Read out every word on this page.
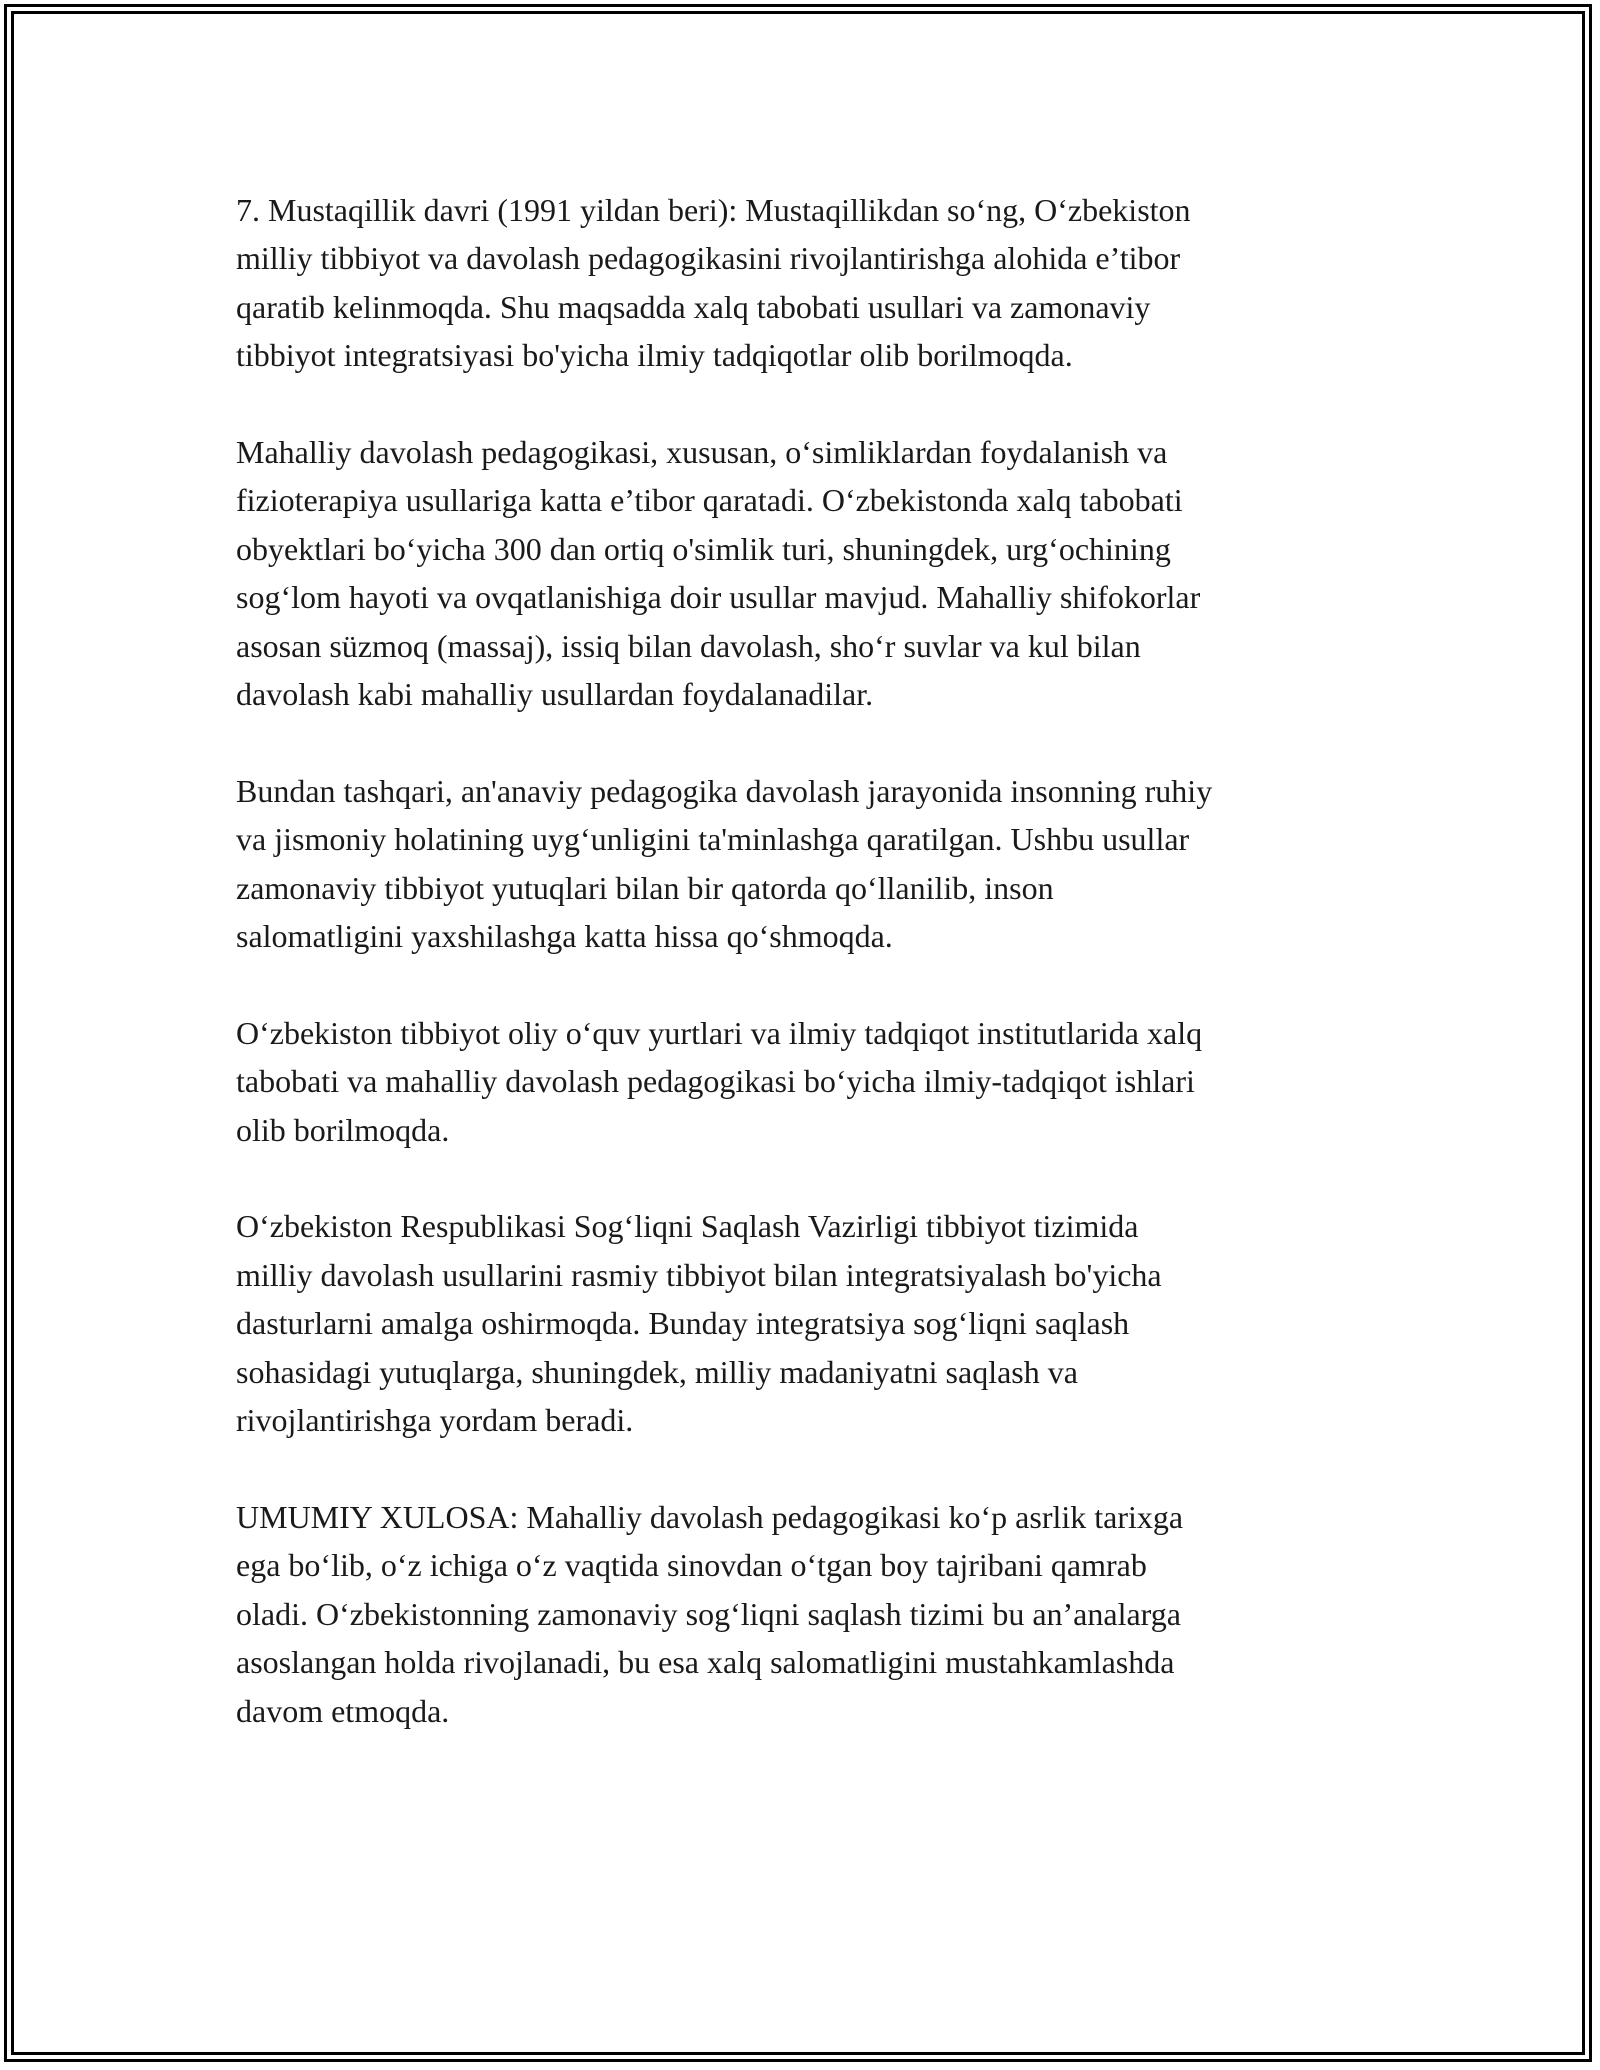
7. Mustaqillik davri (1991 yildan beri): Mustaqillikdan so‘ng, O‘zbekiston
milliy tibbiyot va davolash pedagogikasini rivojlantirishga alohida e’tibor
qaratib kelinmoqda. Shu maqsadda xalq tabobati usullari va zamonaviy
tibbiyot integratsiyasi bo'yicha ilmiy tadqiqotlar olib borilmoqda.

Mahalliy davolash pedagogikasi, xususan, o‘simliklardan foydalanish va
fizioterapiya usullariga katta e’tibor qaratadi. O‘zbekistonda xalq tabobati
obyektlari bo‘yicha 300 dan ortiq o'simlik turi, shuningdek, urg‘ochining
sog‘lom hayoti va ovqatlanishiga doir usullar mavjud. Mahalliy shifokorlar
asosan süzmoq (massaj), issiq bilan davolash, sho‘r suvlar va kul bilan
davolash kabi mahalliy usullardan foydalanadilar.

Bundan tashqari, an'anaviy pedagogika davolash jarayonida insonning ruhiy
va jismoniy holatining uyg‘unligini ta'minlashga qaratilgan. Ushbu usullar
zamonaviy tibbiyot yutuqlari bilan bir qatorda qo‘llanilib, inson
salomatligini yaxshilashga katta hissa qo‘shmoqda.

O‘zbekiston tibbiyot oliy o‘quv yurtlari va ilmiy tadqiqot institutlarida xalq
tabobati va mahalliy davolash pedagogikasi bo‘yicha ilmiy-tadqiqot ishlari
olib borilmoqda.

O‘zbekiston Respublikasi Sog‘liqni Saqlash Vazirligi tibbiyot tizimida
milliy davolash usullarini rasmiy tibbiyot bilan integratsiyalash bo'yicha
dasturlarni amalga oshirmoqda. Bunday integratsiya sog‘liqni saqlash
sohasidagi yutuqlarga, shuningdek, milliy madaniyatni saqlash va
rivojlantirishga yordam beradi.

UMUMIY XULOSA: Mahalliy davolash pedagogikasi ko‘p asrlik tarixga
ega bo‘lib, o‘z ichiga o‘z vaqtida sinovdan o‘tgan boy tajribani qamrab
oladi. O‘zbekistonning zamonaviy sog‘liqni saqlash tizimi bu an’analarga
asoslangan holda rivojlanadi, bu esa xalq salomatligini mustahkamlashda
davom etmoqda.
